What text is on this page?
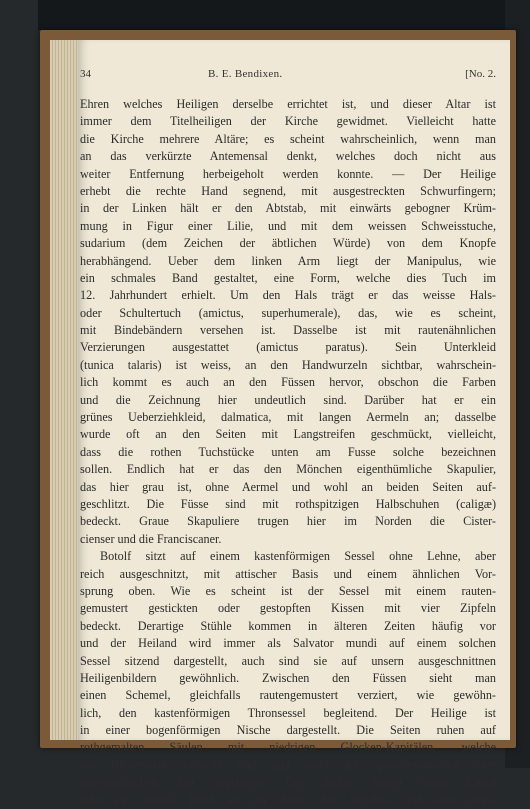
34	B. E. Bendixen.	[No. 2.
Ehren welches Heiligen derselbe errichtet ist, und dieser Altar ist
immer dem Titelheiligen der Kirche gewidmet. Vielleicht hatte
die Kirche mehrere Altäre; es scheint wahrscheinlich, wenn man
an das verkürzte Antemensal denkt, welches doch nicht aus
weiter Entfernung herbeigeholt werden konnte. — Der Heilige
erhebt die rechte Hand segnend, mit ausgestreckten Schwurfingern;
in der Linken hält er den Abtstab, mit einwärts gebogner Krüm-
mung in Figur einer Lilie, und mit dem weissen Schweisstuche,
sudarium (dem Zeichen der äbtlichen Würde) von dem Knopfe
herabhängend. Ueber dem linken Arm liegt der Manipulus, wie
ein schmales Band gestaltet, eine Form, welche dies Tuch im
12. Jahrhundert erhielt. Um den Hals trägt er das weisse Hals-
oder Schultertuch (amictus, superhumerale), das, wie es scheint,
mit Bindebändern versehen ist. Dasselbe ist mit rautenähnlichen
Verzierungen ausgestattet (amictus paratus). Sein Unterkleid
(tunica talaris) ist weiss, an den Handwurzeln sichtbar, wahrschein-
lich kommt es auch an den Füssen hervor, obschon die Farben
und die Zeichnung hier undeutlich sind. Darüber hat er ein
grünes Ueberziehkleid, dalmatica, mit langen Aermeln an; dasselbe
wurde oft an den Seiten mit Langstreifen geschmückt, vielleicht,
dass die rothen Tuchstücke unten am Fusse solche bezeichnen
sollen. Endlich hat er das den Mönchen eigenthümliche Skapulier,
das hier grau ist, ohne Aermel und wohl an beiden Seiten auf-
geschlitzt. Die Füsse sind mit rothspitzigen Halbschuhen (caligæ)
bedeckt. Graue Skapuliere trugen hier im Norden die Cister-
cienser und die Franciscaner.
Botolf sitzt auf einem kastenförmigen Sessel ohne Lehne, aber
reich ausgeschnitzt, mit attischer Basis und einem ähnlichen Vor-
sprung oben. Wie es scheint ist der Sessel mit einem rauten-
gemustert gestickten oder gestopften Kissen mit vier Zipfeln
bedeckt. Derartige Stühle kommen in älteren Zeiten häufig vor
und der Heiland wird immer als Salvator mundi auf einem solchen
Sessel sitzend dargestellt, auch sind sie auf unsern ausgeschnittnen
Heiligenbildern gewöhnlich. Zwischen den Füssen sieht man
einen Schemel, gleichfalls rautengemustert verziert, wie gewöhn-
lich, den kastenförmigen Thronsessel begleitend. Der Heilige ist
in einer bogenförmigen Nische dargestellt. Die Seiten ruhen auf
rothgemalten Säulen mit niedrigen Glocken-Kapitälen, welche
mit Blätterwerk bedeckt sind und wohl der spät-romanischen oder
früh-gothischen Zeit angehören. Die Säulen haben einen Knauf
oder ein breites Band an der Mitte des Schaftes und eine abge-
